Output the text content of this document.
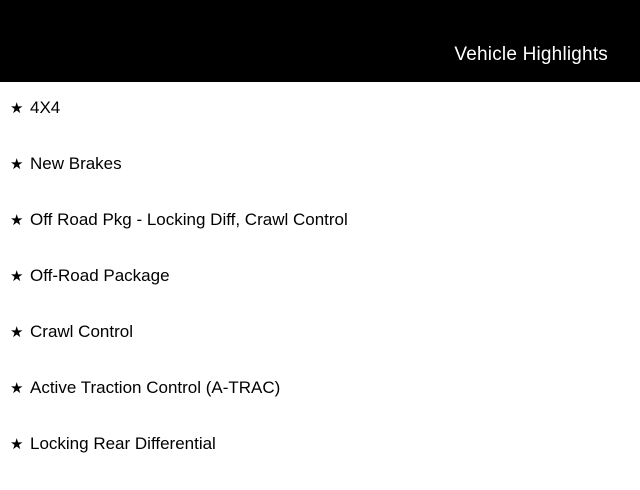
Vehicle Highlights
★ 4X4
★ New Brakes
★ Off Road Pkg - Locking Diff, Crawl Control
★ Off-Road Package
★ Crawl Control
★ Active Traction Control (A-TRAC)
★ Locking Rear Differential
